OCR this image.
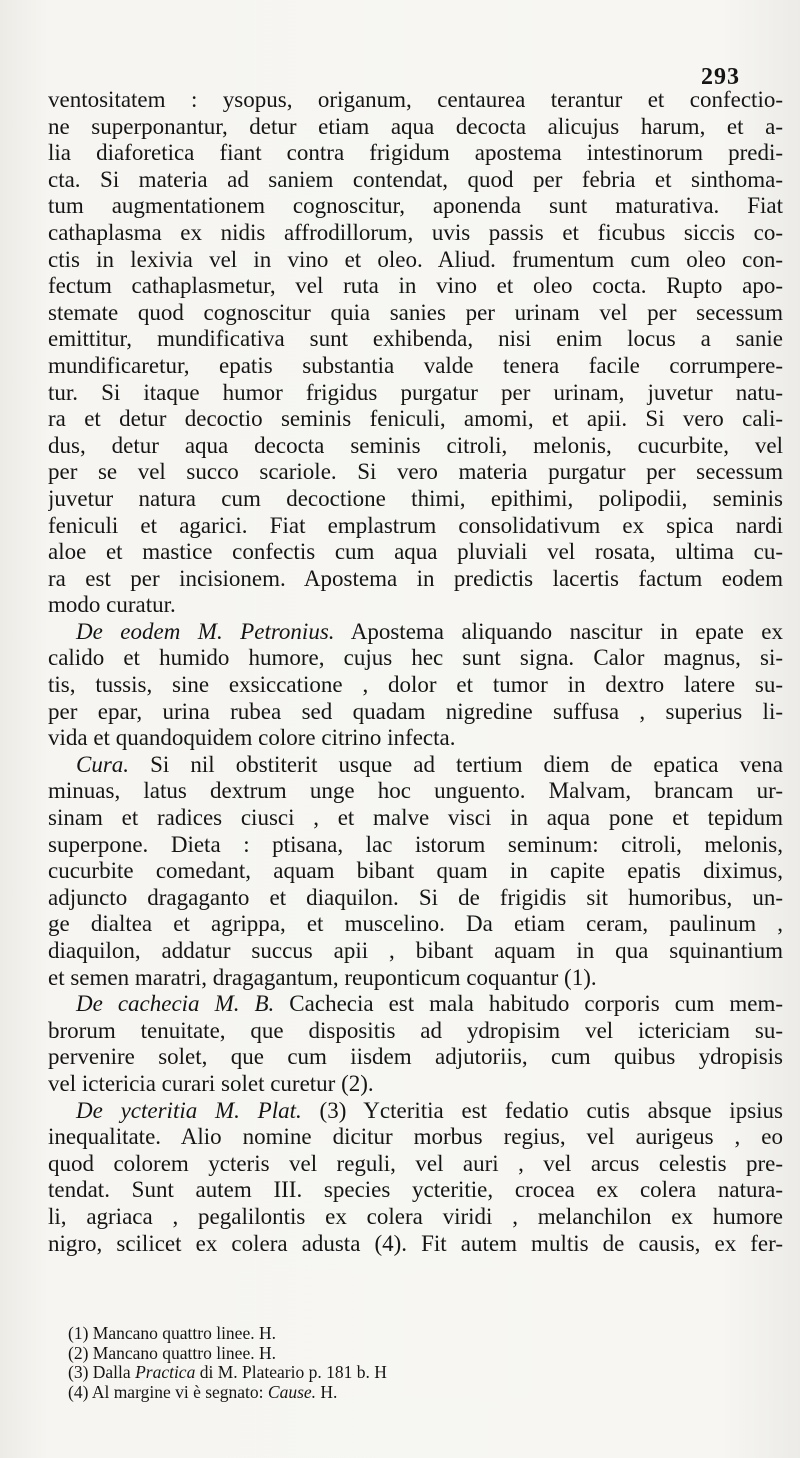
293
ventositatem : ysopus, origanum, centaurea terantur et confectio-
ne superponantur, detur etiam aqua decocta alicujus harum, et a-
lia diaforetica fiant contra frigidum apostema intestinorum predi-
cta. Si materia ad saniem contendat, quod per febria et sinthoma-
tum augmentationem cognoscitur, aponenda sunt maturativa. Fiat
cathaplasma ex nidis affrodillorum, uvis passis et ficubus siccis co-
ctis in lexivia vel in vino et oleo. Aliud. frumentum cum oleo con-
fectum cathaplasmetur, vel ruta in vino et oleo cocta. Rupto apo-
stemate quod cognoscitur quia sanies per urinam vel per secessum
emittitur, mundificativa sunt exhibenda, nisi enim locus a sanie
mundificaretur, epatis substantia valde tenera facile corrumpere-
tur. Si itaque humor frigidus purgatur per urinam, juvetur natu-
ra et detur decoctio seminis feniculi, amomi, et apii. Si vero cali-
dus, detur aqua decocta seminis citroli, melonis, cucurbite, vel
per se vel succo scariole. Si vero materia purgatur per secessum
juvetur natura cum decoctione thimi, epithimi, polipodii, seminis
feniculi et agarici. Fiat emplastrum consolidativum ex spica nardi
aloe et mastice confectis cum aqua pluviali vel rosata, ultima cu-
ra est per incisionem. Apostema in predictis lacertis factum eodem
modo curatur.
De eodem M. Petronius. Apostema aliquando nascitur in epate ex
calido et humido humore, cujus hec sunt signa. Calor magnus, si-
tis, tussis, sine exsiccatione , dolor et tumor in dextro latere su-
per epar, urina rubea sed quadam nigredine suffusa , superius li-
vida et quandoquidem colore citrino infecta.
Cura. Si nil obstiterit usque ad tertium diem de epatica vena
minuas, latus dextrum unge hoc unguento. Malvam, brancam ur-
sinam et radices ciusci , et malve visci in aqua pone et tepidum
superpone. Dieta : ptisana, lac istorum seminum: citroli, melonis,
cucurbite comedant, aquam bibant quam in capite epatis diximus,
adjuncto dragaganto et diaquilon. Si de frigidis sit humoribus, un-
ge dialtea et agrippa, et muscelino. Da etiam ceram, paulinum ,
diaquilon, addatur succus apii , bibant aquam in qua squinantium
et semen maratri, dragagantum, reuponticum coquantur (1).
De cachecia M. B. Cachecia est mala habitudo corporis cum mem-
brorum tenuitate, que dispositis ad ydropisim vel ictericiam su-
pervenire solet, que cum iisdem adjutoriis, cum quibus ydropisis
vel ictericia curari solet curetur (2).
De ycteritia M. Plat. (3) Ycteritia est fedatio cutis absque ipsius
inequalitate. Alio nomine dicitur morbus regius, vel aurigeus , eo
quod colorem ycteris vel reguli, vel auri , vel arcus celestis pre-
tendat. Sunt autem III. species ycteritie, crocea ex colera natura-
li, agriaca , pegalilontis ex colera viridi , melanchilon ex humore
nigro, scilicet ex colera adusta (4). Fit autem multis de causis, ex fer-
(1) Mancano quattro linee. H.
(2) Mancano quattro linee. H.
(3) Dalla Practica di M. Plateario p. 181 b. H
(4) Al margine vi è segnato: Cause. H.
